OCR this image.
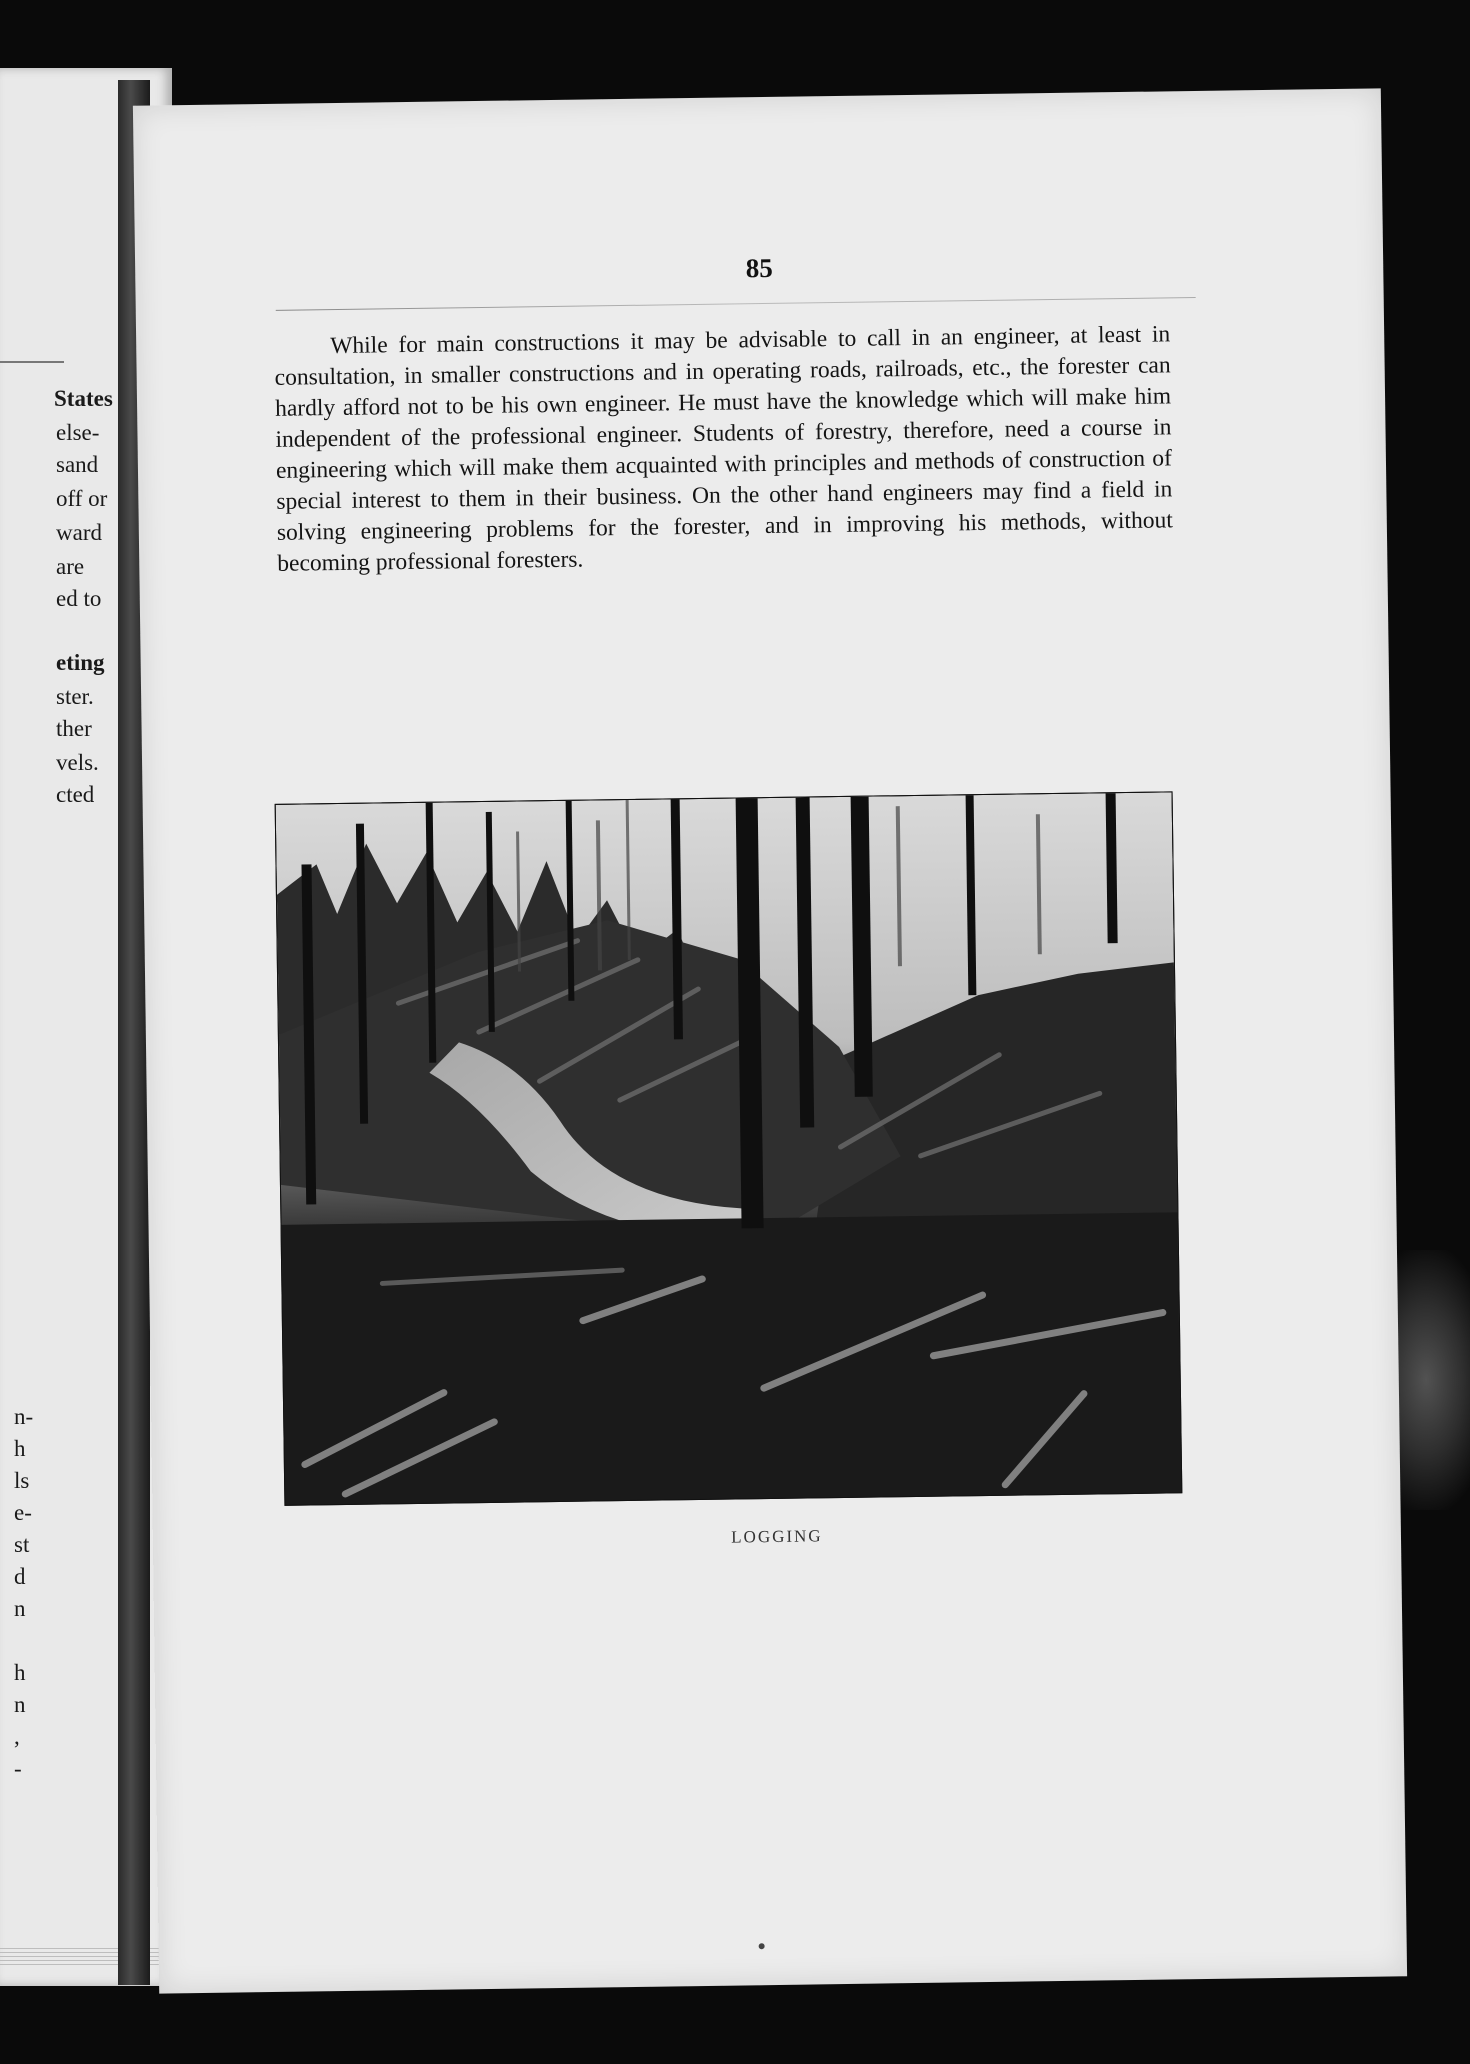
States
else-
sand
off or
ward
are
ed to
eting
ster.
ther
vels.
cted
n-
h
ls
e-
st
d
n
h
n
,
-
85

While for main constructions it may be advisable to call in an engineer, at least in consultation, in smaller constructions and in operating roads, railroads, etc., the forester can hardly afford not to be his own engineer. He must have the knowledge which will make him independent of the professional engineer. Students of forestry, therefore, need a course in engineering which will make them acquainted with principles and methods of construction of special interest to them in their business. On the other hand engineers may find a field in solving engineering problems for the forester, and in improving his methods, without becoming professional foresters.

LOGGING
